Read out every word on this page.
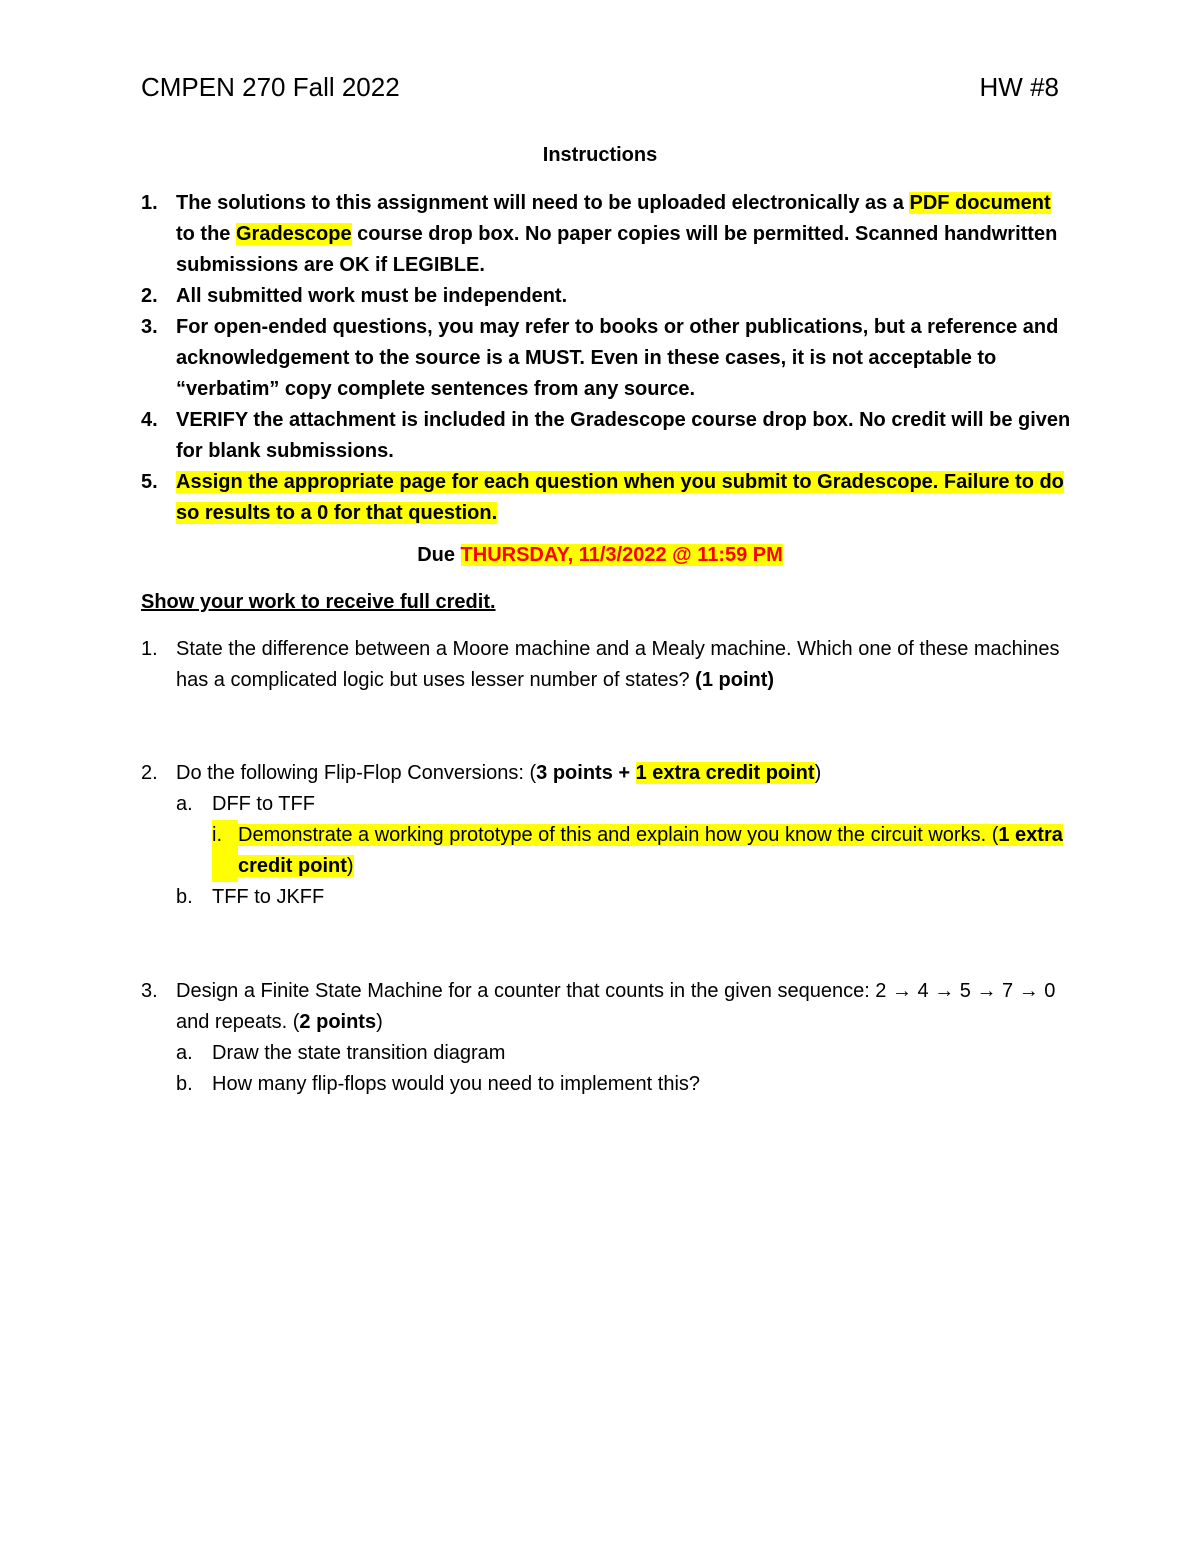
CMPEN 270 Fall 2022	HW #8
Instructions
1. The solutions to this assignment will need to be uploaded electronically as a PDF document to the Gradescope course drop box. No paper copies will be permitted. Scanned handwritten submissions are OK if LEGIBLE.
2. All submitted work must be independent.
3. For open-ended questions, you may refer to books or other publications, but a reference and acknowledgement to the source is a MUST. Even in these cases, it is not acceptable to “verbatim” copy complete sentences from any source.
4. VERIFY the attachment is included in the Gradescope course drop box. No credit will be given for blank submissions.
5. Assign the appropriate page for each question when you submit to Gradescope. Failure to do so results to a 0 for that question.
Due THURSDAY, 11/3/2022 @ 11:59 PM
Show your work to receive full credit.
1. State the difference between a Moore machine and a Mealy machine. Which one of these machines has a complicated logic but uses lesser number of states? (1 point)
2. Do the following Flip-Flop Conversions: (3 points + 1 extra credit point)
a. DFF to TFF
i. Demonstrate a working prototype of this and explain how you know the circuit works. (1 extra credit point)
b. TFF to JKFF
3. Design a Finite State Machine for a counter that counts in the given sequence: 2 → 4 → 5 → 7 → 0 and repeats. (2 points)
a. Draw the state transition diagram
b. How many flip-flops would you need to implement this?
